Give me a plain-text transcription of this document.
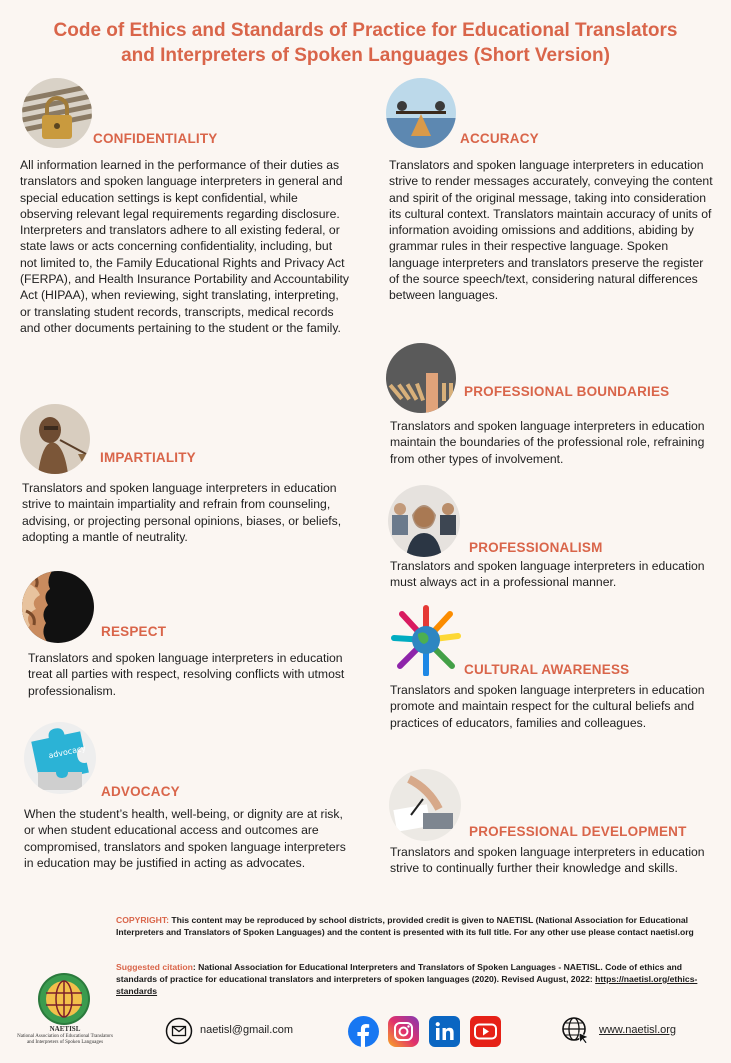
Code of Ethics and Standards of Practice for Educational Translators
and Interpreters of Spoken Languages (Short Version)
CONFIDENTIALITY
All information learned in the performance of their duties as translators and spoken language interpreters in general and special education settings is kept confidential, while observing relevant legal requirements regarding disclosure. Interpreters and translators adhere to all existing federal, or state laws or acts concerning confidentiality, including, but not limited to, the Family Educational Rights and Privacy Act (FERPA), and Health Insurance Portability and Accountability Act (HIPAA), when reviewing, sight translating, interpreting, or translating student records, transcripts, medical records and other documents pertaining to the student or the family.
IMPARTIALITY
Translators and spoken language interpreters in education strive to maintain impartiality and refrain from counseling, advising, or projecting personal opinions, biases, or beliefs, adopting a mantle of neutrality.
RESPECT
Translators and spoken language interpreters in education treat all parties with respect, resolving conflicts with utmost professionalism.
advocacy
ADVOCACY
When the student’s health, well-being, or dignity are at risk, or when student educational access and outcomes are compromised, translators and spoken language interpreters in education may be justified in acting as advocates.
ACCURACY
Translators and spoken language interpreters in education strive to render messages accurately, conveying the content and spirit of the original message, taking into consideration its cultural context. Translators maintain accuracy of units of information avoiding omissions and additions, abiding by grammar rules in their respective language. Spoken language interpreters and translators preserve the register of the source speech/text, considering natural differences between languages.
PROFESSIONAL BOUNDARIES
Translators and spoken language interpreters in education maintain the boundaries of the professional role, refraining from other types of involvement.
PROFESSIONALISM
Translators and spoken language interpreters in education must always act in a professional manner.
CULTURAL AWARENESS
Translators and spoken language interpreters in education promote and maintain respect for the cultural beliefs and practices of educators, families and colleagues.
PROFESSIONAL DEVELOPMENT
Translators and spoken language interpreters in education strive to continually further their knowledge and skills.
COPYRIGHT: This content may be reproduced by school districts, provided credit is given to NAETISL (National Association for Educational Interpreters and Translators of Spoken Languages) and the content is presented with its full title. For any other use please contact naetisl.org
Suggested citation: National Association for Educational Interpreters and Translators of Spoken Languages - NAETISL. Code of ethics and standards of practice for educational translators and interpreters of spoken languages (2020). Revised August, 2022: https://naetisl.org/ethics-standards
NAETISL
National Association of Educational Translators and Interpreters of Spoken Languages
naetisl@gmail.com	www.naetisl.org
